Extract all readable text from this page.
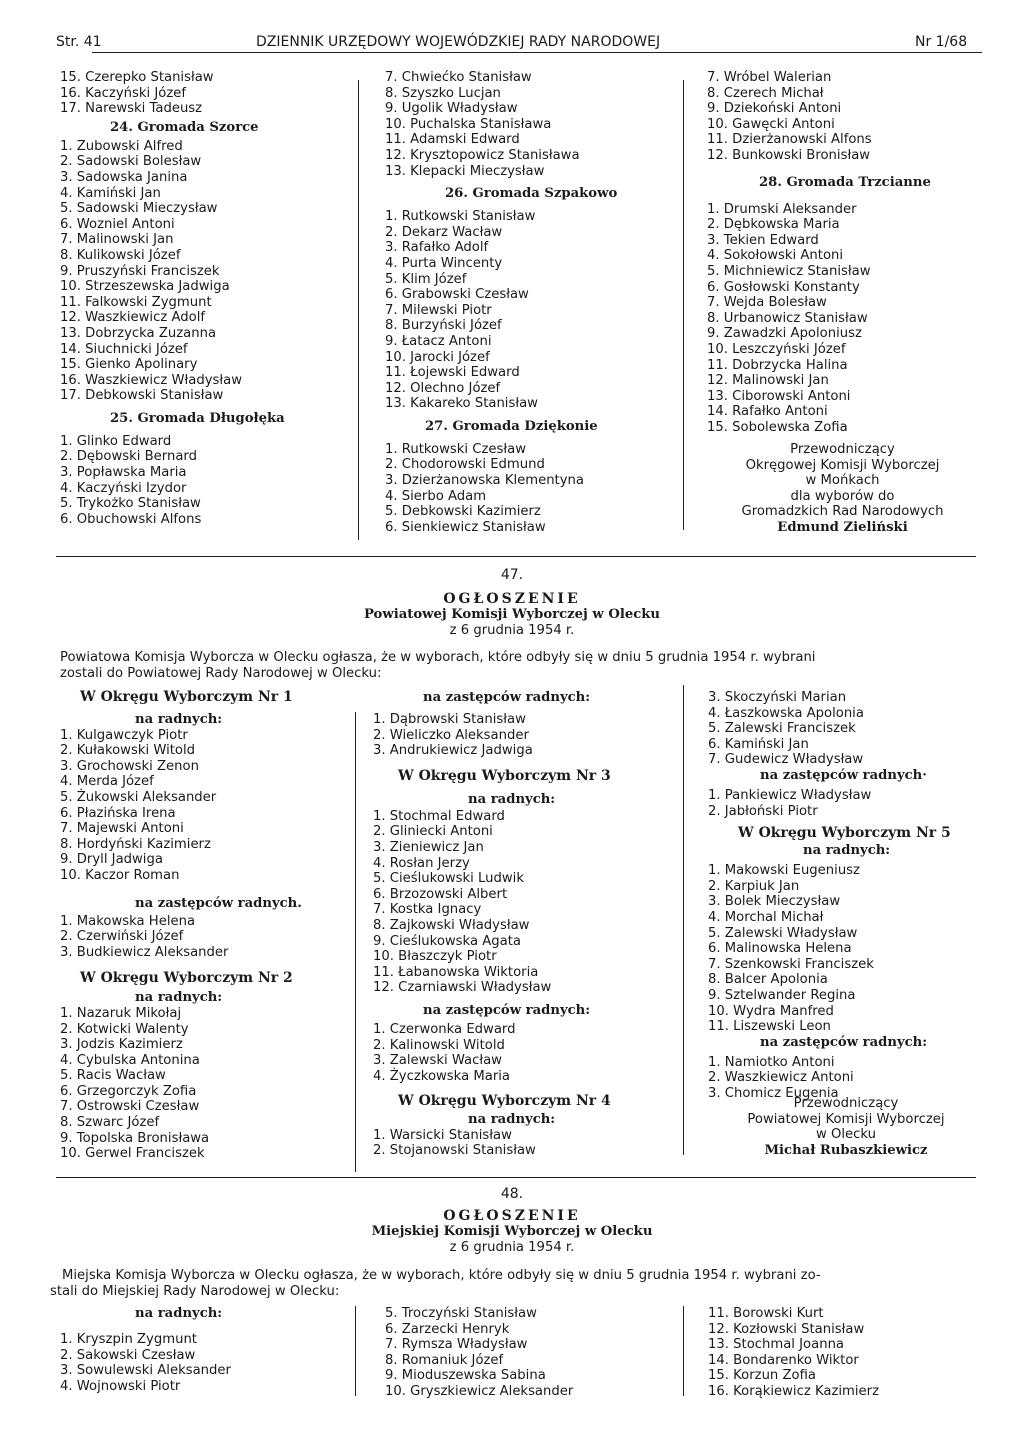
Str. 41	DZIENNIK URZĘDOWY WOJEWÓDZKIEJ RADY NARODOWEJ	Nr 1/68
15. Czerepko Stanisław
16. Kaczyński Józef
17. Narewski Tadeusz
24. Gromada Szorce
1. Zubowski Alfred
2. Sadowski Bolesław
3. Sadowska Janina
4. Kamiński Jan
5. Sadowski Mieczysław
6. Wozniel Antoni
7. Malinowski Jan
8. Kulikowski Józef
9. Pruszyński Franciszek
10. Strzeszewska Jadwiga
11. Falkowski Zygmunt
12. Waszkiewicz Adolf
13. Dobrzycka Zuzanna
14. Siuchnicki Józef
15. Gienko Apolinary
16. Waszkiewicz Władysław
17. Debkowski Stanisław
25. Gromada Długołęka
1. Glinko Edward
2. Dębowski Bernard
3. Popławska Maria
4. Kaczyński Izydor
5. Trykożko Stanisław
6. Obuchowski Alfons
7. Chwiećko Stanisław
8. Szyszko Lucjan
9. Ugolik Władysław
10. Puchalska Stanisława
11. Adamski Edward
12. Krysztopowicz Stanisława
13. Klepacki Mieczysław
26. Gromada Szpakowo
1. Rutkowski Stanisław
2. Dekarz Wacław
3. Rafałko Adolf
4. Purta Wincenty
5. Klim Józef
6. Grabowski Czesław
7. Milewski Piotr
8. Burzyński Józef
9. Łatacz Antoni
10. Jarocki Józef
11. Łojewski Edward
12. Olechno Józef
13. Kakareko Stanisław
27. Gromada Dziękonie
1. Rutkowski Czesław
2. Chodorowski Edmund
3. Dzierżanowska Klementyna
4. Sierbo Adam
5. Debkowski Kazimierz
6. Sienkiewicz Stanisław
7. Wróbel Walerian
8. Czerech Michał
9. Dziekoński Antoni
10. Gawęcki Antoni
11. Dzierżanowski Alfons
12. Bunkowski Bronisław
28. Gromada Trzcianne
1. Drumski Aleksander
2. Dębkowska Maria
3. Tekien Edward
4. Sokołowski Antoni
5. Michniewicz Stanisław
6. Gosłowski Konstanty
7. Wejda Bolesław
8. Urbanowicz Stanisław
9. Zawadzki Apoloniusz
10. Leszczyński Józef
11. Dobrzycka Halina
12. Malinowski Jan
13. Ciborowski Antoni
14. Rafałko Antoni
15. Sobolewska Zofia
Przewodniczący
Okręgowej Komisji Wyborczej
w Mońkach
dla wyborów do
Gromadzkich Rad Narodowych
Edmund Zieliński
47.
OGŁOSZENIE
Powiatowej Komisji Wyborczej w Olecku
z 6 grudnia 1954 r.
Powiatowa Komisja Wyborcza w Olecku ogłasza, że w wyborach, które odbyły się w dniu 5 grudnia 1954 r. wybrani
zostali do Powiatowej Rady Narodowej w Olecku:
W Okręgu Wyborczym Nr 1
na radnych:
1. Kulgawczyk Piotr
2. Kułakowski Witold
3. Grochowski Zenon
4. Merda Józef
5. Żukowski Aleksander
6. Płazińska Irena
7. Majewski Antoni
8. Hordyński Kazimierz
9. Dryll Jadwiga
10. Kaczor Roman
na zastępców radnych.
1. Makowska Helena
2. Czerwiński Józef
3. Budkiewicz Aleksander
W Okręgu Wyborczym Nr 2
na radnych:
1. Nazaruk Mikołaj
2. Kotwicki Walenty
3. Jodzis Kazimierz
4. Cybulska Antonina
5. Racis Wacław
6. Grzegorczyk Zofia
7. Ostrowski Czesław
8. Szwarc Józef
9. Topolska Bronisława
10. Gerwel Franciszek
na zastępców radnych:
1. Dąbrowski Stanisław
2. Wieliczko Aleksander
3. Andrukiewicz Jadwiga
W Okręgu Wyborczym Nr 3
na radnych:
1. Stochmal Edward
2. Gliniecki Antoni
3. Zieniewicz Jan
4. Rosłan Jerzy
5. Cieślukowski Ludwik
6. Brzozowski Albert
7. Kostka Ignacy
8. Zajkowski Władysław
9. Cieślukowska Agata
10. Błaszczyk Piotr
11. Łabanowska Wiktoria
12. Czarniawski Władysław
na zastępców radnych:
1. Czerwonka Edward
2. Kalinowski Witold
3. Zalewski Wacław
4. Życzkowska Maria
W Okręgu Wyborczym Nr 4
na radnych:
1. Warsicki Stanisław
2. Stojanowski Stanisław
3. Skoczyński Marian
4. Łaszkowska Apolonia
5. Zalewski Franciszek
6. Kamiński Jan
7. Gudewicz Władysław
na zastępców radnych·
1. Pankiewicz Władysław
2. Jabłoński Piotr
W Okręgu Wyborczym Nr 5
na radnych:
1. Makowski Eugeniusz
2. Karpiuk Jan
3. Bolek Mieczysław
4. Morchal Michał
5. Zalewski Władysław
6. Malinowska Helena
7. Szenkowski Franciszek
8. Balcer Apolonia
9. Sztelwander Regina
10. Wydra Manfred
11. Liszewski Leon
na zastępców radnych:
1. Namiotko Antoni
2. Waszkiewicz Antoni
3. Chomicz Eugenia
Przewodniczący
Powiatowej Komisji Wyborczej
w Olecku
Michał Rubaszkiewicz
48.
OGŁOSZENIE
Miejskiej Komisji Wyborczej w Olecku
z 6 grudnia 1954 r.
Miejska Komisja Wyborcza w Olecku ogłasza, że w wyborach, które odbyły się w dniu 5 grudnia 1954 r. wybrani zo-
stali do Miejskiej Rady Narodowej w Olecku:
na radnych:
1. Kryszpin Zygmunt
2. Sakowski Czesław
3. Sowulewski Aleksander
4. Wojnowski Piotr
5. Troczyński Stanisław
6. Zarzecki Henryk
7. Rymsza Władysław
8. Romaniuk Józef
9. Mioduszewska Sabina
10. Gryszkiewicz Aleksander
11. Borowski Kurt
12. Kozłowski Stanisław
13. Stochmal Joanna
14. Bondarenko Wiktor
15. Korzun Zofia
16. Korąkiewicz Kazimierz
